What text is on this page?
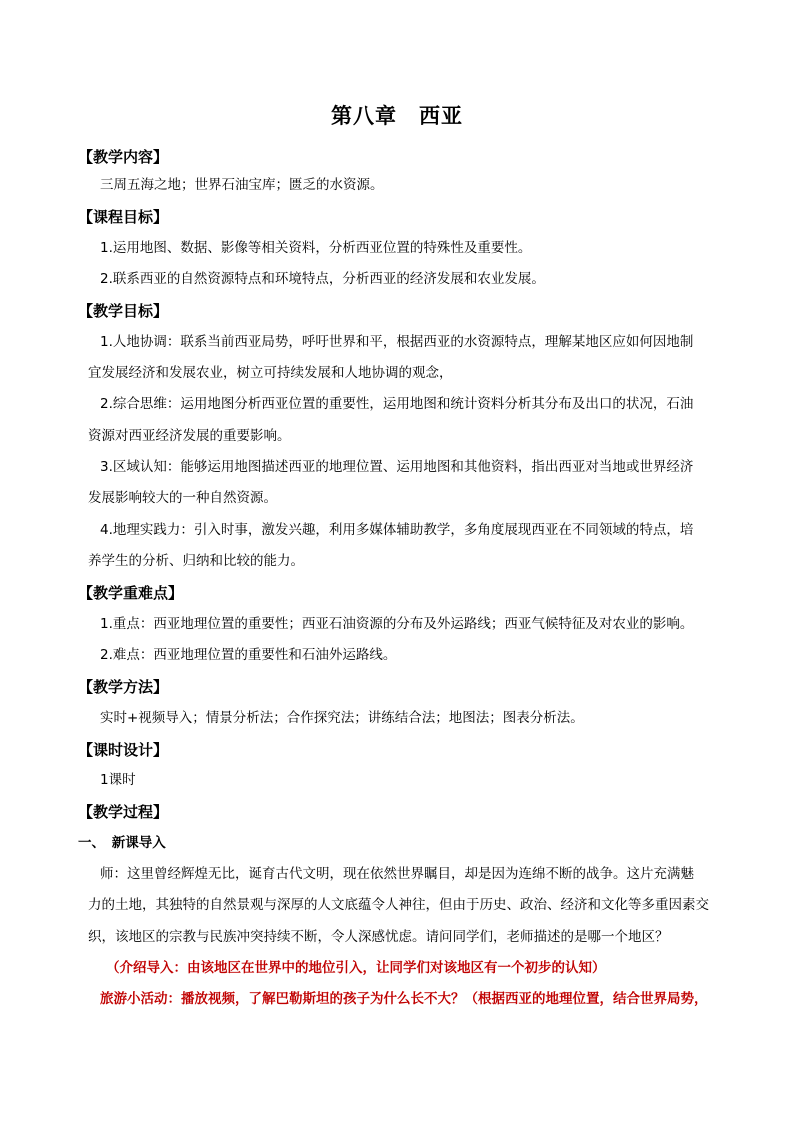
第八章　西亚
【教学内容】
三周五海之地；世界石油宝库；匮乏的水资源。
【课程目标】
1.运用地图、数据、影像等相关资料，分析西亚位置的特殊性及重要性。
2.联系西亚的自然资源特点和环境特点，分析西亚的经济发展和农业发展。
【教学目标】
1.人地协调：联系当前西亚局势，呼吁世界和平，根据西亚的水资源特点，理解某地区应如何因地制
宜发展经济和发展农业，树立可持续发展和人地协调的观念，
2.综合思维：运用地图分析西亚位置的重要性，运用地图和统计资料分析其分布及出口的状况，石油
资源对西亚经济发展的重要影响。
3.区域认知：能够运用地图描述西亚的地理位置、运用地图和其他资料，指出西亚对当地或世界经济
发展影响较大的一种自然资源。
4.地理实践力：引入时事，激发兴趣，利用多媒体辅助教学，多角度展现西亚在不同领域的特点，培
养学生的分析、归纳和比较的能力。
【教学重难点】
1.重点：西亚地理位置的重要性；西亚石油资源的分布及外运路线；西亚气候特征及对农业的影响。
2.难点：西亚地理位置的重要性和石油外运路线。
【教学方法】
实时+视频导入；情景分析法；合作探究法；讲练结合法；地图法；图表分析法。
【课时设计】
1课时
【教学过程】
一、　新课导入
师：这里曾经辉煌无比，诞育古代文明，现在依然世界瞩目，却是因为连绵不断的战争。这片充满魅
力的土地，其独特的自然景观与深厚的人文底蕴令人神往，但由于历史、政治、经济和文化等多重因素交
织，该地区的宗教与民族冲突持续不断，令人深感忧虑。请问同学们，老师描述的是哪一个地区？
（介绍导入：由该地区在世界中的地位引入，让同学们对该地区有一个初步的认知）
旅游小活动：播放视频，了解巴勒斯坦的孩子为什么长不大？（根据西亚的地理位置，结合世界局势，
